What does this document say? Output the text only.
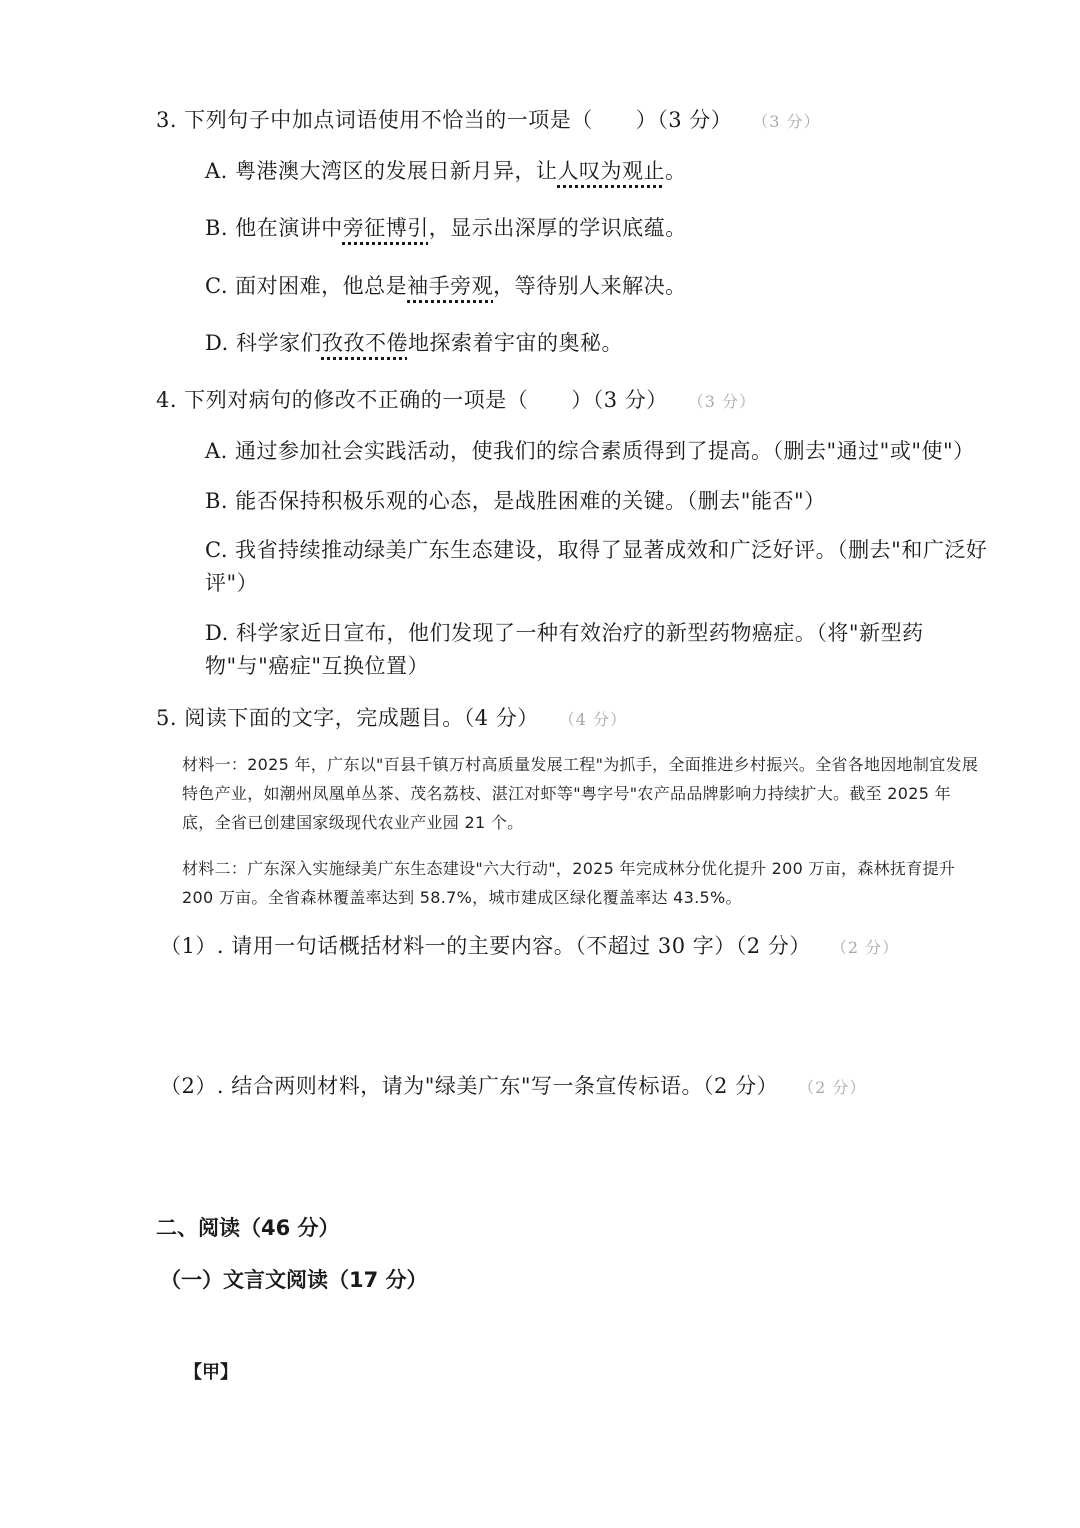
3. 下列句子中加点词语使用不恰当的一项是（　　）（3 分） （3 分）
A. 粤港澳大湾区的发展日新月异，让人叹为观止。
B. 他在演讲中旁征博引，显示出深厚的学识底蕴。
C. 面对困难，他总是袖手旁观，等待别人来解决。
D. 科学家们孜孜不倦地探索着宇宙的奥秘。
4. 下列对病句的修改不正确的一项是（　　）（3 分） （3 分）
A. 通过参加社会实践活动，使我们的综合素质得到了提高。（删去"通过"或"使"）
B. 能否保持积极乐观的心态，是战胜困难的关键。（删去"能否"）
C. 我省持续推动绿美广东生态建设，取得了显著成效和广泛好评。（删去"和广泛好评"）
D. 科学家近日宣布，他们发现了一种有效治疗的新型药物癌症。（将"新型药物"与"癌症"互换位置）
5. 阅读下面的文字，完成题目。（4 分） （4 分）
材料一：2025 年，广东以"百县千镇万村高质量发展工程"为抓手，全面推进乡村振兴。全省各地因地制宜发展特色产业，如潮州凤凰单丛茶、茂名荔枝、湛江对虾等"粤字号"农产品品牌影响力持续扩大。截至 2025 年底，全省已创建国家级现代农业产业园 21 个。
材料二：广东深入实施绿美广东生态建设"六大行动"，2025 年完成林分优化提升 200 万亩，森林抚育提升 200 万亩。全省森林覆盖率达到 58.7%，城市建成区绿化覆盖率达 43.5%。
（1）. 请用一句话概括材料一的主要内容。（不超过 30 字）（2 分） （2 分）
（2）. 结合两则材料，请为"绿美广东"写一条宣传标语。（2 分） （2 分）
二、阅读（46 分）
（一）文言文阅读（17 分）
【甲】
